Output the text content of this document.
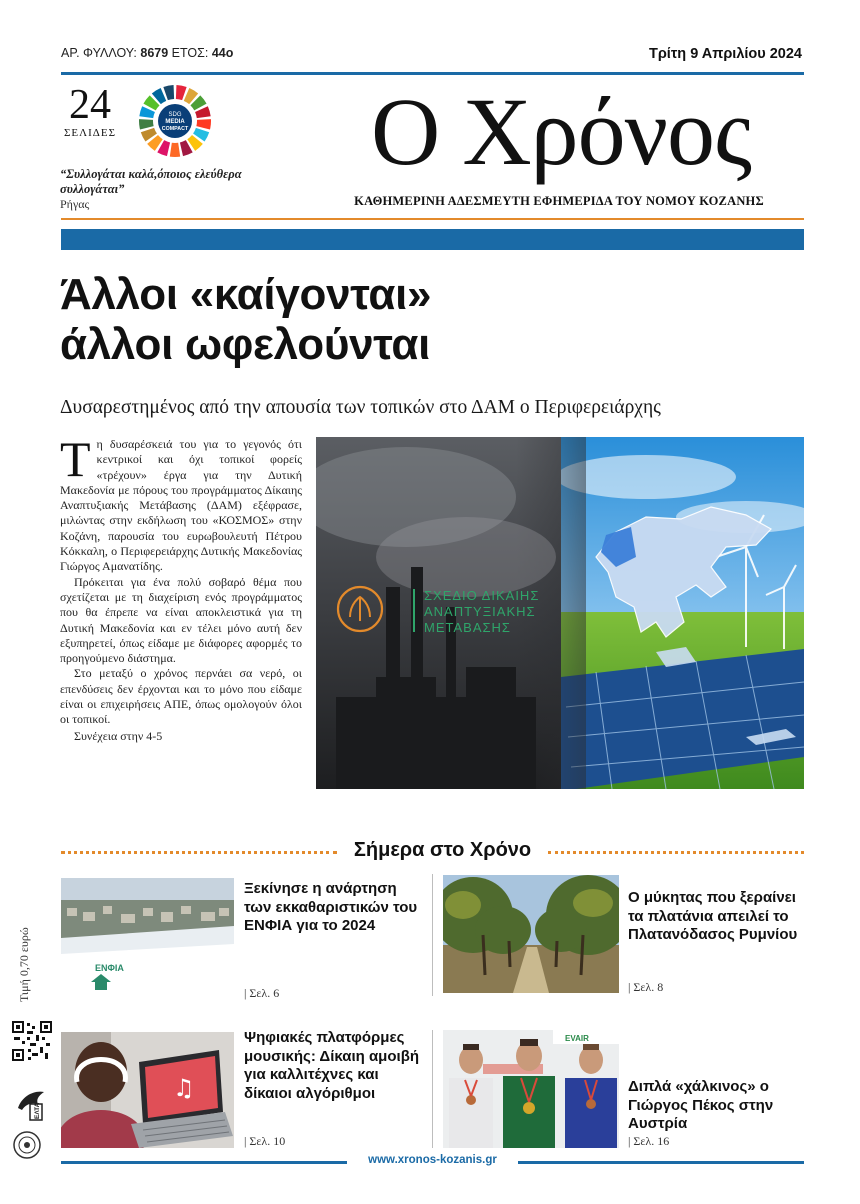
ΑΡ. ΦΥΛΛΟΥ: 8679 ΕΤΟΣ: 44ο	Τρίτη 9 Απριλίου 2024
24
ΣΕΛΙΔΕΣ
SDG
MEDIA
COMPACT
“Συλλογάται καλά,όποιος ελεύθερα συλλογάται”
Ρήγας
Ο Χρόνος
ΚΑΘΗΜΕΡΙΝΗ ΑΔΕΣΜΕΥΤΗ ΕΦΗΜΕΡΙΔΑ ΤΟΥ ΝΟΜΟΥ ΚΟΖΑΝΗΣ
Άλλοι «καίγονται»
άλλοι ωφελούνται
Δυσαρεστημένος από την απουσία των τοπικών στο ΔΑΜ ο Περιφερειάρχης

Τη δυσαρέσκειά του για το γεγονός ότι κεντρικοί και όχι τοπικοί φορείς «τρέχουν» έργα για την Δυτική Μακεδονία με πόρους του προγράμματος Δίκαιης Αναπτυξιακής Μετάβασης (ΔΑΜ) εξέφρασε, μιλώντας στην εκδήλωση του «ΚΟΣΜΟΣ» στην Κοζάνη, παρουσία του ευρωβουλευτή Πέτρου Κόκκαλη, ο Περιφερειάρχης Δυτικής Μακεδονίας Γιώργος Αμανατίδης.

Πρόκειται για ένα πολύ σοβαρό θέμα που σχετίζεται με τη διαχείριση ενός προγράμματος που θα έπρεπε να είναι αποκλειστικά για τη Δυτική Μακεδονία και εν τέλει μόνο αυτή δεν εξυπηρετεί, όπως είδαμε με διάφορες αφορμές το προηγούμενο διάστημα.

Στο μεταξύ ο χρόνος περνάει σα νερό, οι επενδύσεις δεν έρχονται και το μόνο που είδαμε είναι οι επιχειρήσεις ΑΠΕ, όπως ομολογούν όλοι οι τοπικοί.

Συνέχεια στην 4-5

ΣΧΕΔΙΟ ΔΙΚΑΙΗΣ
ΑΝΑΠΤΥΞΙΑΚΗΣ
ΜΕΤΑΒΑΣΗΣ
Σήμερα στο Χρόνο
ΕΝΦΙΑ
Ξεκίνησε η ανάρτηση των εκκαθαριστικών του ΕΝΦΙΑ για το 2024
| Σελ. 6
Ο μύκητας που ξεραίνει τα πλατάνια απειλεί το Πλατανόδασος Ρυμνίου
| Σελ. 8
♫
Ψηφιακές πλατφόρμες μουσικής: Δίκαιη αμοιβή για καλλιτέχνες και δίκαιοι αλγόριθμοι
| Σελ. 10
EVAIR
Διπλά «χάλκινος» ο Γιώργος Πέκος στην Αυστρία
| Σελ. 16
Τιμή 0,70 ευρώ
ΕΛΤΑ
www.xronos-kozanis.gr
